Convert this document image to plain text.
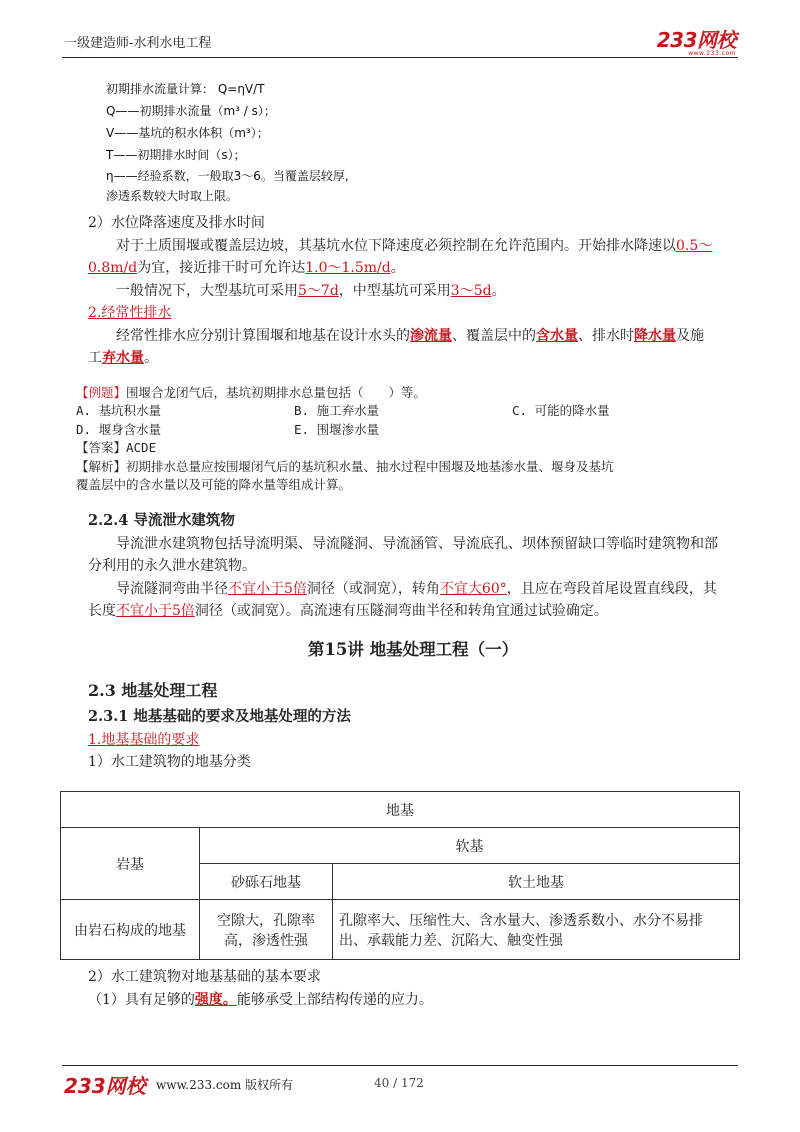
一级建造师-水利水电工程	233网校
www.233.com
初期排水流量计算： Q=ηV/T
Q——初期排水流量（m³ / s）；
V——基坑的积水体积（m³）；
T——初期排水时间（s）；
η——经验系数，一般取3～6。当覆盖层较厚,
渗透系数较大时取上限。

2）水位降落速度及排水时间

对于土质围堰或覆盖层边坡，其基坑水位下降速度必须控制在允许范围内。开始排水降速以0.5～

0.8m/d为宜，接近排干时可允许达1.0～1.5m/d。

一般情况下，大型基坑可采用5～7d，中型基坑可采用3～5d。

2.经常性排水

经常性排水应分别计算围堰和地基在设计水头的渗流量、覆盖层中的含水量、排水时降水量及施

工弃水量。

【例题】围堰合龙闭气后，基坑初期排水总量包括（　　）等。

A. 基坑积水量	B. 施工弃水量	C. 可能的降水量

D. 堰身含水量	E. 围堰渗水量

【答案】ACDE

【解析】初期排水总量应按围堰闭气后的基坑积水量、抽水过程中围堰及地基渗水量、堰身及基坑

覆盖层中的含水量以及可能的降水量等组成计算。

2.2.4 导流泄水建筑物

导流泄水建筑物包括导流明渠、导流隧洞、导流涵管、导流底孔、坝体预留缺口等临时建筑物和部

分利用的永久泄水建筑物。

导流隧洞弯曲半径不宜小于5倍洞径（或洞宽），转角不宜大60°，且应在弯段首尾设置直线段，其

长度不宜小于5倍洞径（或洞宽）。高流速有压隧洞弯曲半径和转角宜通过试验确定。

第15讲 地基处理工程（一）
2.3 地基处理工程
2.3.1 地基基础的要求及地基处理的方法

1.地基基础的要求

1）水工建筑物的地基分类

地基		
岩基	软基	
	砂砾石地基	软土地基
由岩石构成的地基	空隙大，孔隙率高，渗透性强	孔隙率大、压缩性大、含水量大、渗透系数小、水分不易排
出、承载能力差、沉陷大、触变性强

2）水工建筑物对地基基础的基本要求

（1）具有足够的强度。能够承受上部结构传递的应力。

233网校 www.233.com 版权所有	40 / 172
